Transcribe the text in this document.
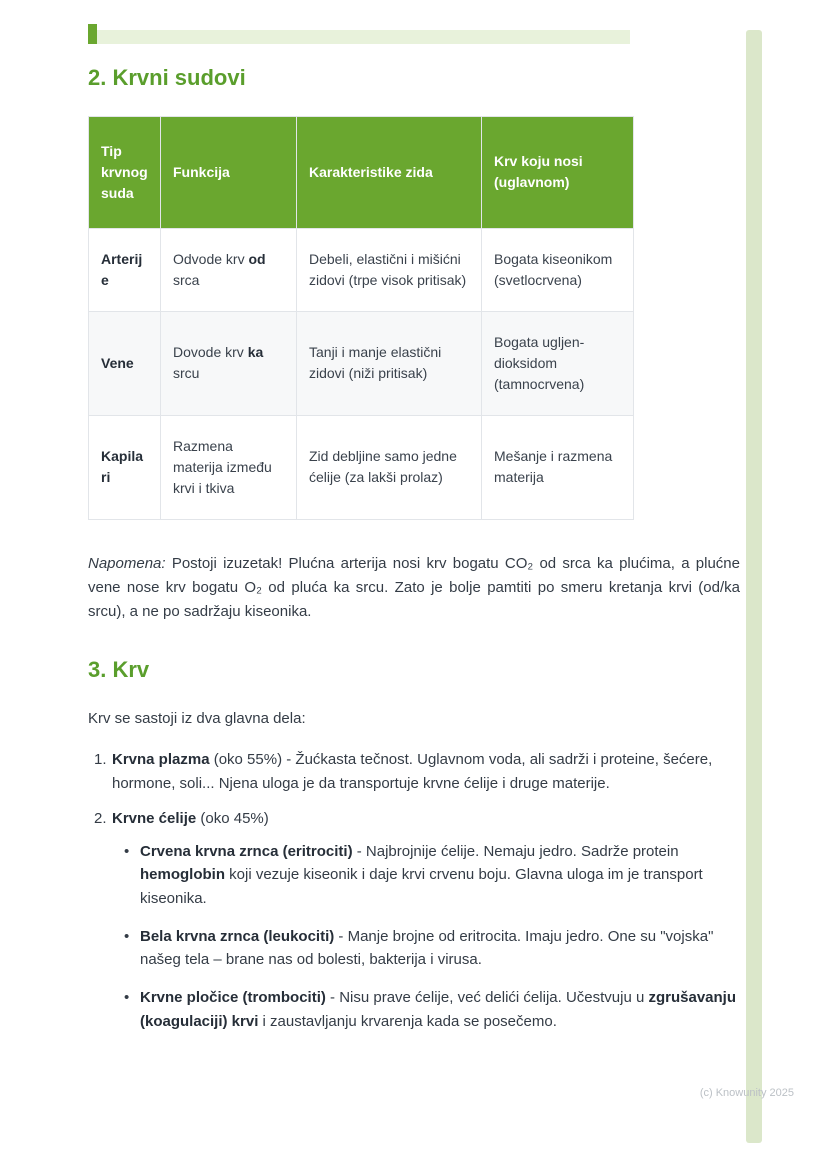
2. Krvni sudovi
Tip krvnog suda	Funkcija	Karakteristike zida	Krv koju nosi (uglavnom)
Arterije	Odvode krv od srca	Debeli, elastični i mišićni zidovi (trpe visok pritisak)	Bogata kiseonikom (svetlocrvena)
Vene	Dovode krv ka srcu	Tanji i manje elastični zidovi (niži pritisak)	Bogata ugljen-dioksidom (tamnocrvena)
Kapilari	Razmena materija između krvi i tkiva	Zid debljine samo jedne ćelije (za lakši prolaz)	Mešanje i razmena materija

Napomena: Postoji izuzetak! Plućna arterija nosi krv bogatu CO₂ od srca ka plućima, a plućne vene nose krv bogatu O₂ od pluća ka srcu. Zato je bolje pamtiti po smeru kretanja krvi (od/ka srcu), a ne po sadržaju kiseonika.

3. Krv

Krv se sastoji iz dva glavna dela:

1. Krvna plazma (oko 55%) - Žućkasta tečnost. Uglavnom voda, ali sadrži i proteine, šećere, hormone, soli... Njena uloga je da transportuje krvne ćelije i druge materije.
2. Krvne ćelije (oko 45%)
• Crvena krvna zrnca (eritrociti) - Najbrojnije ćelije. Nemaju jedro. Sadrže protein hemoglobin koji vezuje kiseonik i daje krvi crvenu boju. Glavna uloga im je transport kiseonika.
• Bela krvna zrnca (leukociti) - Manje brojne od eritrocita. Imaju jedro. One su "vojska" našeg tela – brane nas od bolesti, bakterija i virusa.
• Krvne pločice (trombociti) - Nisu prave ćelije, već delići ćelija. Učestvuju u zgrušavanju (koagulaciji) krvi i zaustavljanju krvarenja kada se posečemo.
(c) Knowunity 2025
